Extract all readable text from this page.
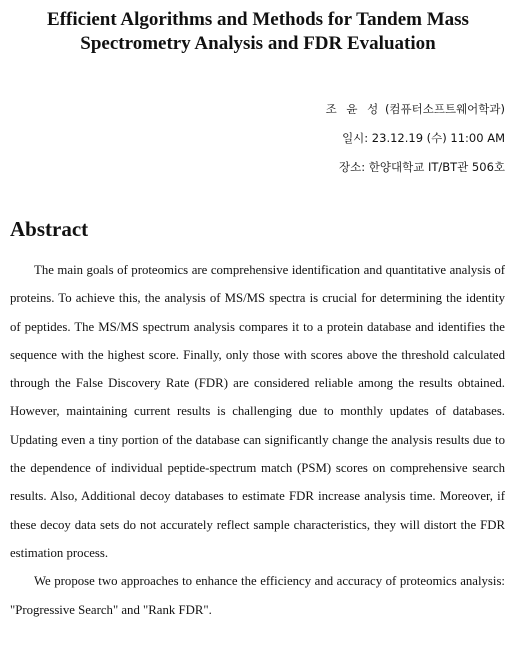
Efficient Algorithms and Methods for Tandem Mass
Spectrometry Analysis and FDR Evaluation
조 윤 성 (컴퓨터소프트웨어학과)
일시: 23.12.19 (수) 11:00 AM
장소: 한양대학교 IT/BT관 506호
Abstract

The main goals of proteomics are comprehensive identification and quantitative analysis of proteins. To achieve this, the analysis of MS/MS spectra is crucial for determining the identity of peptides. The MS/MS spectrum analysis compares it to a protein database and identifies the sequence with the highest score. Finally, only those with scores above the threshold calculated through the False Discovery Rate (FDR) are considered reliable among the results obtained. However, maintaining current results is challenging due to monthly updates of databases. Updating even a tiny portion of the database can significantly change the analysis results due to the dependence of individual peptide-spectrum match (PSM) scores on comprehensive search results. Also, Additional decoy databases to estimate FDR increase analysis time. Moreover, if these decoy data sets do not accurately reflect sample characteristics, they will distort the FDR estimation process.

We propose two approaches to enhance the efficiency and accuracy of proteomics analysis: "Progressive Search" and "Rank FDR".
